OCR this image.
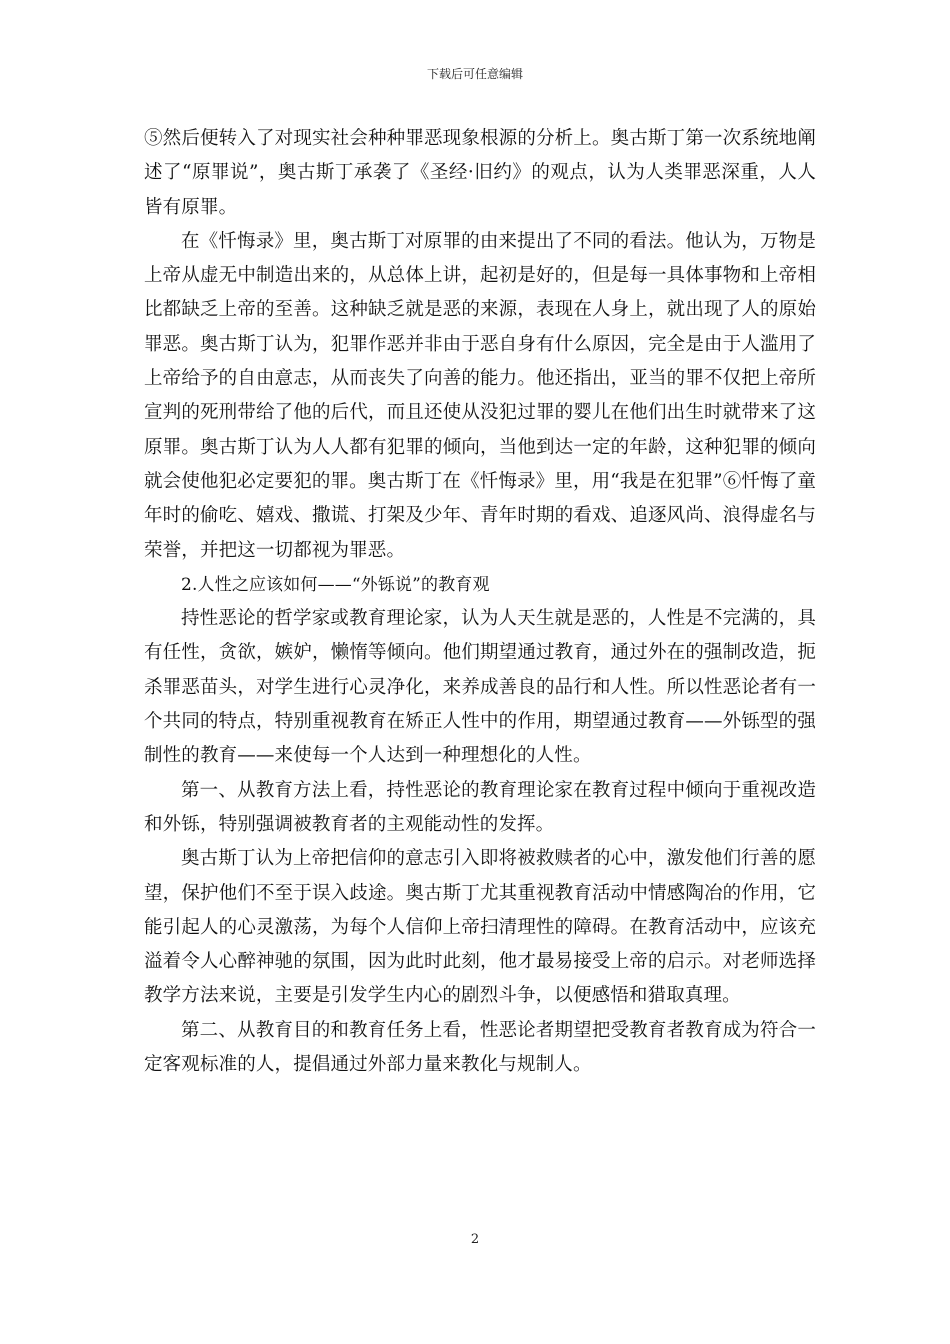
下载后可任意编辑

⑤然后便转入了对现实社会种种罪恶现象根源的分析上。奥古斯丁第一次系统地阐述了“原罪说”，奥古斯丁承袭了《圣经·旧约》的观点，认为人类罪恶深重，人人皆有原罪。

在《忏悔录》里，奥古斯丁对原罪的由来提出了不同的看法。他认为，万物是上帝从虚无中制造出来的，从总体上讲，起初是好的，但是每一具体事物和上帝相比都缺乏上帝的至善。这种缺乏就是恶的来源，表现在人身上，就出现了人的原始罪恶。奥古斯丁认为，犯罪作恶并非由于恶自身有什么原因，完全是由于人滥用了上帝给予的自由意志，从而丧失了向善的能力。他还指出，亚当的罪不仅把上帝所宣判的死刑带给了他的后代，而且还使从没犯过罪的婴儿在他们出生时就带来了这原罪。奥古斯丁认为人人都有犯罪的倾向，当他到达一定的年龄，这种犯罪的倾向就会使他犯必定要犯的罪。奥古斯丁在《忏悔录》里，用“我是在犯罪”⑥忏悔了童年时的偷吃、嬉戏、撒谎、打架及少年、青年时期的看戏、追逐风尚、浪得虚名与荣誉，并把这一切都视为罪恶。

2.人性之应该如何——“外铄说”的教育观

持性恶论的哲学家或教育理论家，认为人天生就是恶的，人性是不完满的，具有任性，贪欲，嫉妒，懒惰等倾向。他们期望通过教育，通过外在的强制改造，扼杀罪恶苗头，对学生进行心灵净化，来养成善良的品行和人性。所以性恶论者有一个共同的特点，特别重视教育在矫正人性中的作用，期望通过教育——外铄型的强制性的教育——来使每一个人达到一种理想化的人性。

第一、从教育方法上看，持性恶论的教育理论家在教育过程中倾向于重视改造和外铄，特别强调被教育者的主观能动性的发挥。

奥古斯丁认为上帝把信仰的意志引入即将被救赎者的心中，激发他们行善的愿望，保护他们不至于误入歧途。奥古斯丁尤其重视教育活动中情感陶冶的作用，它能引起人的心灵激荡，为每个人信仰上帝扫清理性的障碍。在教育活动中，应该充溢着令人心醉神驰的氛围，因为此时此刻，他才最易接受上帝的启示。对老师选择教学方法来说，主要是引发学生内心的剧烈斗争，以便感悟和猎取真理。

第二、从教育目的和教育任务上看，性恶论者期望把受教育者教育成为符合一定客观标准的人，提倡通过外部力量来教化与规制人。

2
